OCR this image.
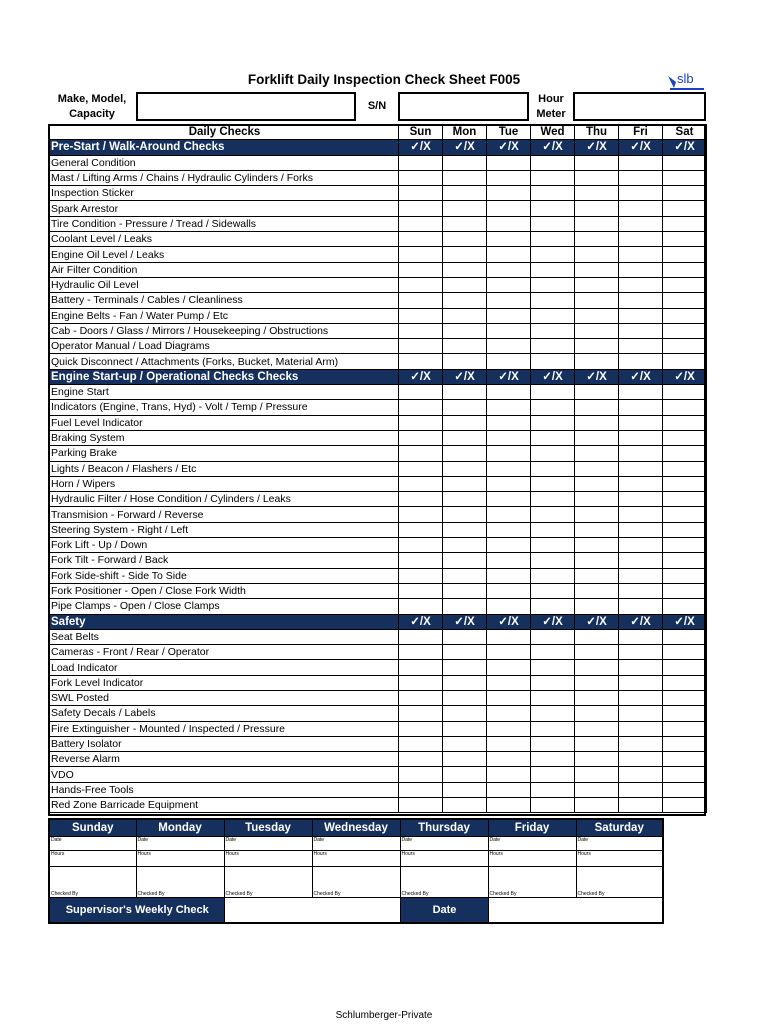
Forklift Daily Inspection Check Sheet F005	slb
Make, Model,
Capacity
S/N
Hour
Meter
Daily Checks	Sun	Mon	Tue	Wed	Thu	Fri	Sat
Pre-Start / Walk-Around Checks	✓/X	✓/X	✓/X	✓/X	✓/X	✓/X	✓/X
General Condition							
Mast / Lifting Arms / Chains / Hydraulic Cylinders / Forks							
Inspection Sticker							
Spark Arrestor							
Tire Condition - Pressure / Tread / Sidewalls							
Coolant Level / Leaks							
Engine Oil Level / Leaks							
Air Filter Condition							
Hydraulic Oil Level							
Battery - Terminals / Cables / Cleanliness							
Engine Belts - Fan / Water Pump / Etc							
Cab - Doors / Glass / Mirrors / Housekeeping / Obstructions							
Operator Manual / Load Diagrams							
Quick Disconnect / Attachments (Forks, Bucket, Material Arm)							
Engine Start-up / Operational Checks Checks	✓/X	✓/X	✓/X	✓/X	✓/X	✓/X	✓/X
Engine Start							
Indicators (Engine, Trans, Hyd) - Volt / Temp / Pressure							
Fuel Level Indicator							
Braking System							
Parking Brake							
Lights / Beacon / Flashers / Etc							
Horn / Wipers							
Hydraulic Filter / Hose Condition / Cylinders / Leaks							
Transmision - Forward / Reverse							
Steering System - Right / Left							
Fork Lift - Up / Down							
Fork Tilt - Forward / Back							
Fork Side-shift - Side To Side							
Fork Positioner - Open / Close Fork Width							
Pipe Clamps - Open / Close Clamps							
Safety	✓/X	✓/X	✓/X	✓/X	✓/X	✓/X	✓/X
Seat Belts							
Cameras - Front / Rear / Operator							
Load Indicator							
Fork Level Indicator							
SWL Posted							
Safety Decals / Labels							
Fire Extinguisher - Mounted / Inspected / Pressure							
Battery Isolator							
Reverse Alarm							
VDO							
Hands-Free Tools							
Red Zone Barricade Equipment							
Sunday	Monday	Tuesday	Wednesday	Thursday	Friday	Saturday
Date	Date	Date	Date	Date	Date	Date
Hours	Hours	Hours	Hours	Hours	Hours	Hours
Checked By	Checked By	Checked By	Checked By	Checked By	Checked By	Checked By
Supervisor's Weekly Check				Date		
Schlumberger-Private
